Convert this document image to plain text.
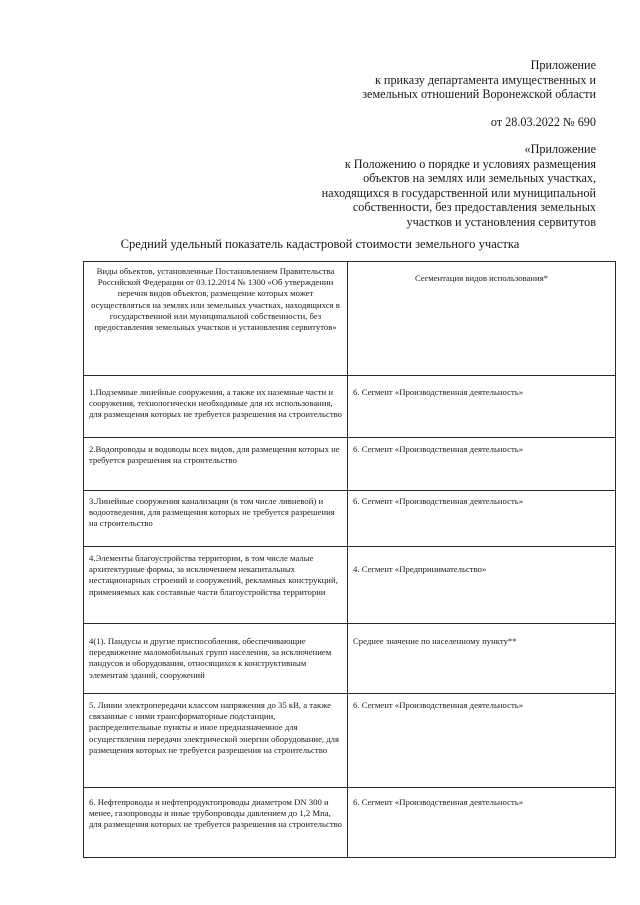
Приложение
к приказу департамента имущественных и
земельных отношений Воронежской области
от 28.03.2022 № 690
«Приложение
к Положению о порядке и условиях размещения
объектов на землях или земельных участках,
находящихся в государственной или муниципальной
собственности, без предоставления земельных
участков и установления сервитутов
Средний удельный показатель кадастровой стоимости земельного участка
Виды объектов, установленные Постановлением Правительства Российской Федерации от 03.12.2014 № 1300 «Об утверждении перечня видов объектов, размещение которых может осуществляться на землях или земельных участках, находящихся в государственной или муниципальной собственности, без предоставления земельных участков и установления сервитутов»	Сегментация видов использования*
1.Подземные линейные сооружения, а также их наземные части и сооружения, технологически необходимые для их использования, для размещения которых не требуется разрешения на строительство	6. Сегмент «Производственная деятельность»
2.Водопроводы и водоводы всех видов, для размещения которых не требуется разрешения на строительство	6. Сегмент «Производственная деятельность»
3.Линейные сооружения канализации (в том числе ливневой) и водоотведения, для размещения которых не требуется разрешения на строительство	6. Сегмент «Производственная деятельность»
4.Элементы благоустройства территории, в том числе малые архитектурные формы, за исключением некапитальных нестационарных строений и сооружений, рекламных конструкций, применяемых как составные части благоустройства территории	4. Сегмент «Предпринимательство»
4(1). Пандусы и другие приспособления, обеспечивающие передвижение маломобильных групп населения, за исключением пандусов и оборудования, относящихся к конструктивным элементам зданий, сооружений	Среднее значение по населенному пункту**
5. Линии электропередачи классом напряжения до 35 кВ, а также связанные с ними трансформаторные подстанции, распределительные пункты и иное предназначенное для осуществления передачи электрической энергии оборудование, для размещения которых не требуется разрешения на строительство	6. Сегмент «Производственная деятельность»
6. Нефтепроводы и нефтепродуктопроводы диаметром DN 300 и менее, газопроводы и иные трубопроводы давлением до 1,2 Мпа, для размещения которых не требуется разрешения на строительство	6. Сегмент «Производственная деятельность»
